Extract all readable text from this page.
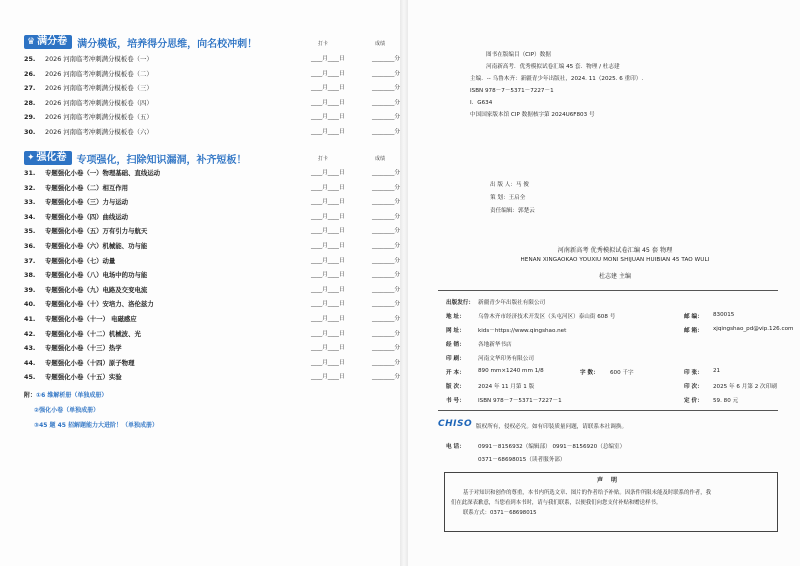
♛ 满分卷 满分模板，培养得分思维，向名校冲刺！	打卡	成绩
25. 2026 河南临考冲刺满分模板卷（一）	____月____日	________分
26. 2026 河南临考冲刺满分模板卷（二）	____月____日	________分
27. 2026 河南临考冲刺满分模板卷（三）	____月____日	________分
28. 2026 河南临考冲刺满分模板卷（四）	____月____日	________分
29. 2026 河南临考冲刺满分模板卷（五）	____月____日	________分
30. 2026 河南临考冲刺满分模板卷（六）	____月____日	________分
✦ 强化卷 专项强化，扫除知识漏洞，补齐短板！	打卡	成绩
31. 专题强化小卷（一）物理基础、直线运动	____月____日	________分
32. 专题强化小卷（二）相互作用	____月____日	________分
33. 专题强化小卷（三）力与运动	____月____日	________分
34. 专题强化小卷（四）曲线运动	____月____日	________分
35. 专题强化小卷（五）万有引力与航天	____月____日	________分
36. 专题强化小卷（六）机械能、功与能	____月____日	________分
37. 专题强化小卷（七）动量	____月____日	________分
38. 专题强化小卷（八）电场中的功与能	____月____日	________分
39. 专题强化小卷（九）电路及交变电流	____月____日	________分
40. 专题强化小卷（十）安培力、洛伦兹力	____月____日	________分
41. 专题强化小卷（十一） 电磁感应	____月____日	________分
42. 专题强化小卷（十二）机械波、光	____月____日	________分
43. 专题强化小卷（十三）热学	____月____日	________分
44. 专题强化小卷（十四）原子物理	____月____日	________分
45. 专题强化小卷（十五）实验	____月____日	________分
附：①6 维解析册（单独成册）
②强化小卷（单独成册）
③45 题 45 招解题能力大进阶！（单独成册）
图书在版编目（CIP）数据
河南新高考．优秀模拟试卷汇编 45 套．物理 / 杜志建
主编．-- 乌鲁木齐：新疆青少年出版社，2024. 11（2025. 6 重印）.
ISBN 978－7－5371－7227－1
Ⅰ．G634
中国国家版本馆 CIP 数据核字第 2024U6F803 号
出 版 人：马 俊
策 划：王启全
责任编辑：郭楚云
河南新高考 优秀模拟试卷汇编 45 套 物理
HENAN XINGAOKAO YOUXIU MONI SHIJUAN HUIBIAN 45 TAO WULI
杜志建 主编
出版发行： 新疆青少年出版社有限公司
地 址： 乌鲁木齐市经济技术开发区（头屯河区）泰山街 608 号	邮 编： 830015
网 址： kids－https://www.qingshao.net	邮 箱： xjqingshao_pd@vip.126.com
经 销： 各地新华书店
印 刷： 河南文华印务有限公司
开 本： 890 mm×1240 mm 1/8	字 数： 600 千字	印 张： 21
版 次： 2024 年 11 月第 1 版	印 次： 2025 年 6 月第 2 次印刷
书 号： ISBN 978－7－5371－7227－1	定 价： 59. 80 元
CHISO 版权所有，侵权必究。如有印装质量问题，请联系本社调换。
电 话： 0991－8156932（编辑部） 0991－8156920（总编室）
0371－68698015（读者服务部）
声明

基于对知识和创作的尊重，本书内所选文章、图片的作者给予补贴。因条件所限未能及时联系的作者，我

们在此深表歉意，当您看到本书时，请与我们联系，以便我们向您支付补贴和赠送样书。

联系方式：0371－68698015
